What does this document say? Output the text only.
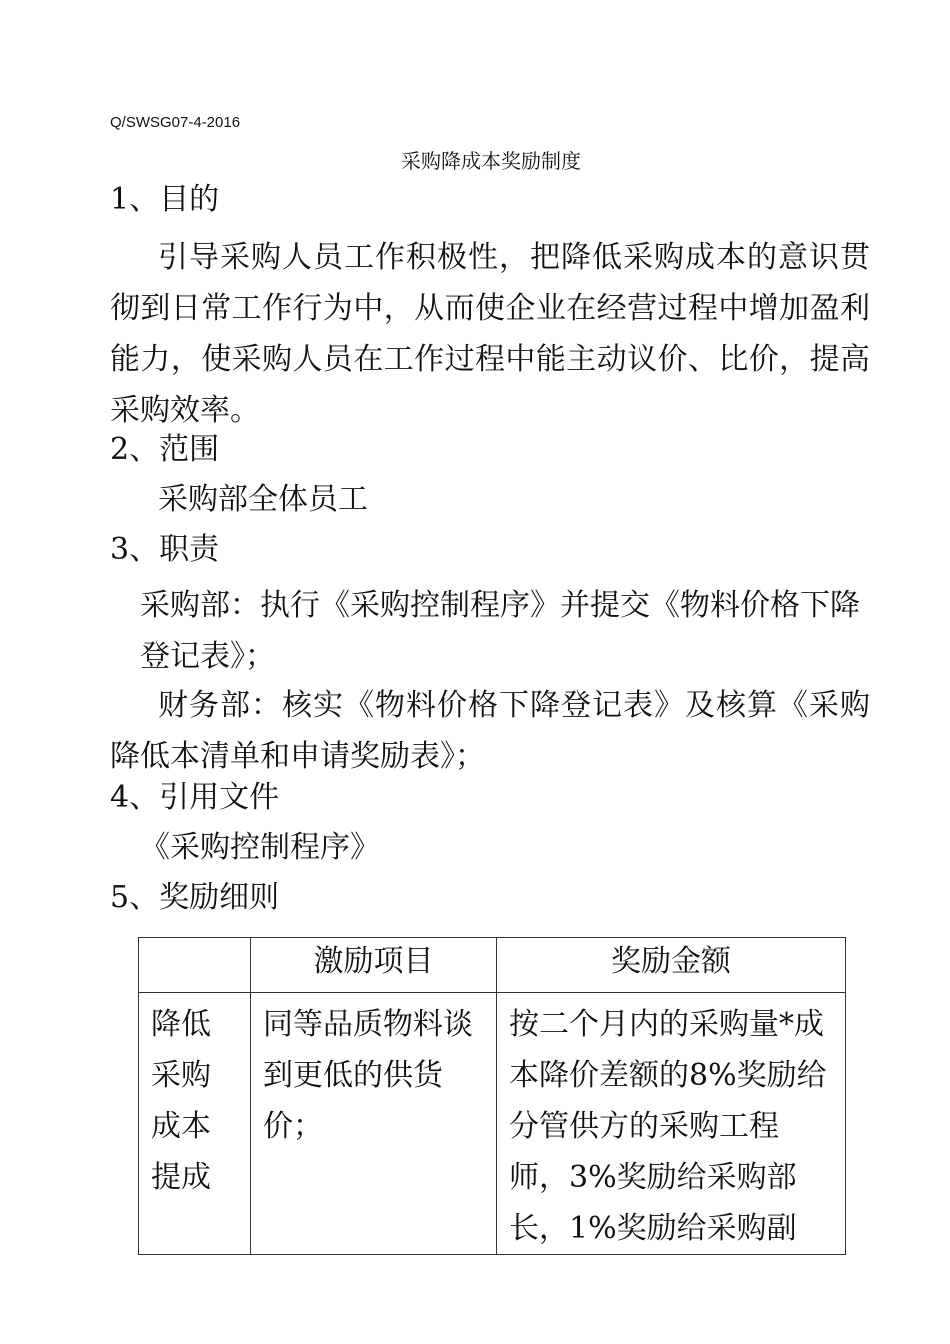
Q/SWSG07-4-2016
采购降成本奖励制度
1、目的

引导采购人员工作积极性，把降低采购成本的意识贯彻到日常工作行为中，从而使企业在经营过程中增加盈利能力，使采购人员在工作过程中能主动议价、比价，提高采购效率。

2、范围
采购部全体员工
3、职责

采购部：执行《采购控制程序》并提交《物料价格下降登记表》；

财务部：核实《物料价格下降登记表》及核算《采购降低本清单和申请奖励表》；

4、引用文件
《采购控制程序》
5、奖励细则
	激励项目	奖励金额
降低
采购
成本
提成	同等品质物料谈到更低的供货价；	按二个月内的采购量*成本降价差额的8%奖励给分管供方的采购工程师，3%奖励给采购部长，1%奖励给采购副
